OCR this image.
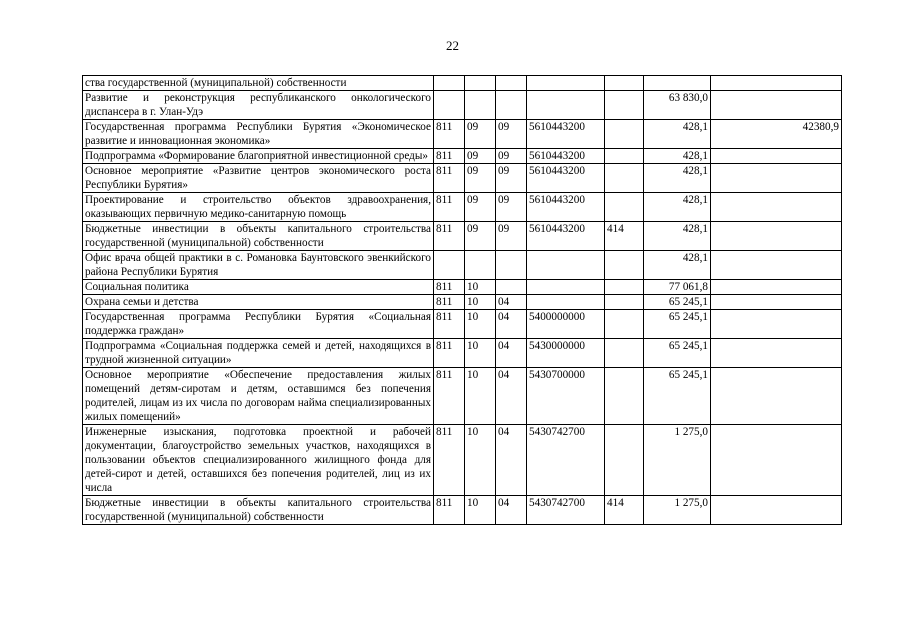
22
ства государственной (муниципальной) собственности							
Развитие и реконструкция республиканского онкологического диспансера в г. Улан-Удэ						63 830,0	
Государственная программа Республики Бурятия «Экономическое развитие и инновационная экономика»	811	09	09	5610443200		428,1	42380,9
Подпрограмма «Формирование благоприятной инвестиционной среды»	811	09	09	5610443200		428,1	
Основное мероприятие «Развитие центров экономического роста Республики Бурятия»	811	09	09	5610443200		428,1	
Проектирование и строительство объектов здравоохранения, оказывающих первичную медико-санитарную помощь	811	09	09	5610443200		428,1	
Бюджетные инвестиции в объекты капитального строительства государственной (муниципальной) собственности	811	09	09	5610443200	414	428,1	
Офис врача общей практики в с. Романовка Баунтовского эвенкийского района Республики Бурятия						428,1	
Социальная политика	811	10				77 061,8	
Охрана семьи и детства	811	10	04			65 245,1	
Государственная программа Республики Бурятия «Социальная поддержка граждан»	811	10	04	5400000000		65 245,1	
Подпрограмма «Социальная поддержка семей и детей, находящихся в трудной жизненной ситуации»	811	10	04	5430000000		65 245,1	
Основное мероприятие «Обеспечение предоставления жилых помещений детям-сиротам и детям, оставшимся без попечения родителей, лицам из их числа по договорам найма специализированных жилых помещений»	811	10	04	5430700000		65 245,1	
Инженерные изыскания, подготовка проектной и рабочей документации, благоустройство земельных участков, находящихся в пользовании объектов специализированного жилищного фонда для детей-сирот и детей, оставшихся без попечения родителей, лиц из их числа	811	10	04	5430742700		1 275,0	
Бюджетные инвестиции в объекты капитального строительства государственной (муниципальной) собственности	811	10	04	5430742700	414	1 275,0	
